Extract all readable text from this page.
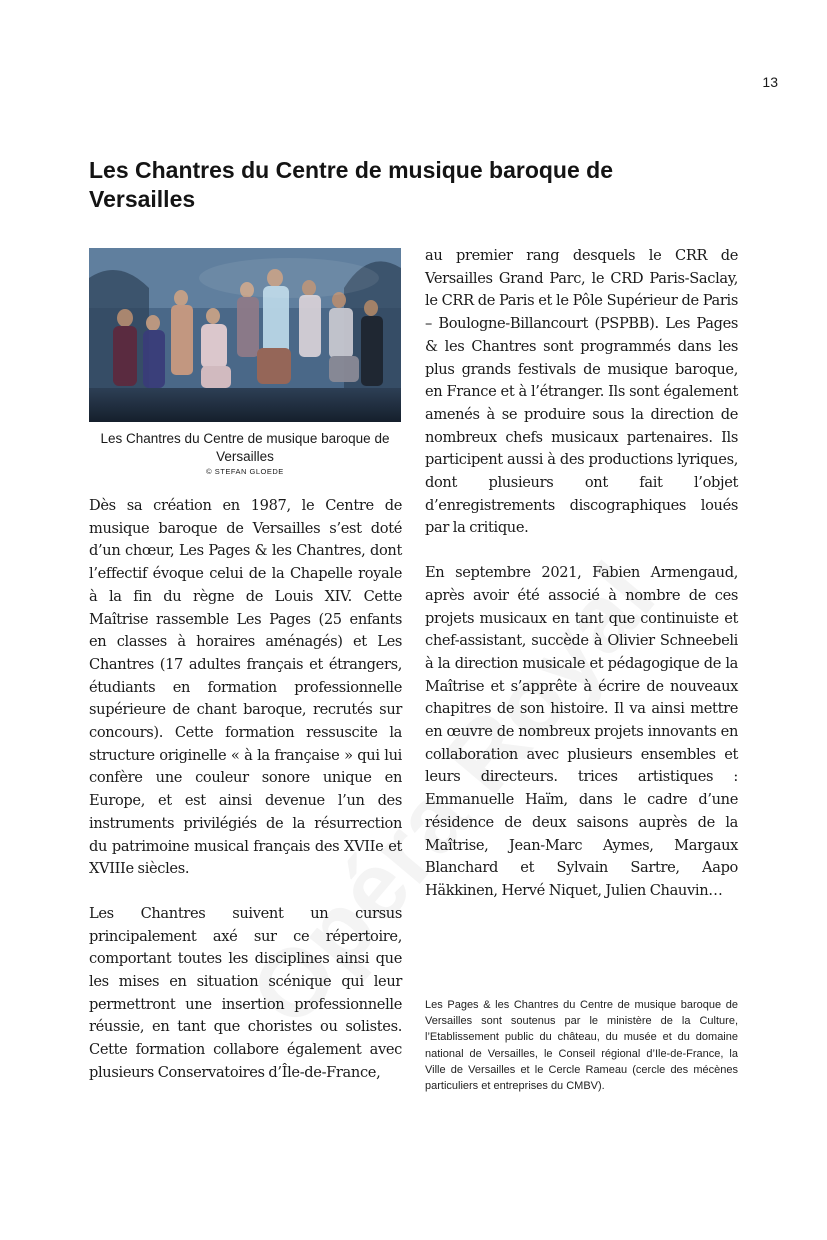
13
Les Chantres du Centre de musique baroque de Versailles
Les Chantres du Centre de musique baroque de Versailles
© STEFAN GLOEDE

Dès sa création en 1987, le Centre de musique baroque de Versailles s’est doté d’un chœur, Les Pages & les Chantres, dont l’effectif évoque celui de la Chapelle royale à la fin du règne de Louis XIV. Cette Maîtrise rassemble Les Pages (25 enfants en classes à horaires aménagés) et Les Chantres (17 adultes français et étrangers, étudiants en formation professionnelle supérieure de chant baroque, recrutés sur concours). Cette formation ressuscite la structure originelle « à la française » qui lui confère une couleur sonore unique en Europe, et est ainsi devenue l’un des instruments privilégiés de la résurrection du patrimoine musical français des XVIIe et XVIIIe siècles.

Les Chantres suivent un cursus principalement axé sur ce répertoire, comportant toutes les disciplines ainsi que les mises en situation scénique qui leur permettront une insertion professionnelle réussie, en tant que choristes ou solistes. Cette formation collabore également avec plusieurs Conservatoires d’Île-de-France,

au premier rang desquels le CRR de Versailles Grand Parc, le CRD Paris-Saclay, le CRR de Paris et le Pôle Supérieur de Paris – Boulogne-Billancourt (PSPBB). Les Pages & les Chantres sont programmés dans les plus grands festivals de musique baroque, en France et à l’étranger. Ils sont également amenés à se produire sous la direction de nombreux chefs musicaux partenaires. Ils participent aussi à des productions lyriques, dont plusieurs ont fait l’objet d’enregistrements discographiques loués par la critique.

En septembre 2021, Fabien Armengaud, après avoir été associé à nombre de ces projets musicaux en tant que continuiste et chef-assistant, succède à Olivier Schneebeli à la direction musicale et pédagogique de la Maîtrise et s’apprête à écrire de nouveaux chapitres de son histoire. Il va ainsi mettre en œuvre de nombreux projets innovants en collaboration avec plusieurs ensembles et leurs directeurs. trices artistiques : Emmanuelle Haïm, dans le cadre d’une résidence de deux saisons auprès de la Maîtrise, Jean-Marc Aymes, Margaux Blanchard et Sylvain Sartre, Aapo Häkkinen, Hervé Niquet, Julien Chauvin…

Les Pages & les Chantres du Centre de musique baroque de Versailles sont soutenus par le ministère de la Culture, l’Etablissement public du château, du musée et du domaine national de Versailles, le Conseil régional d’Ile-de-France, la Ville de Versailles et le Cercle Rameau (cercle des mécènes particuliers et entreprises du CMBV).
